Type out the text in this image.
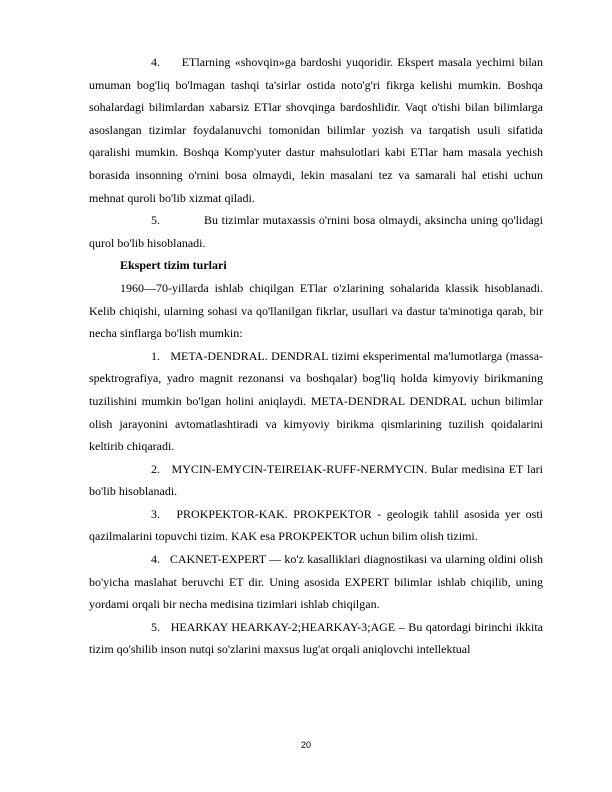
4. ETlarning «shovqin»ga bardoshi yuqoridir. Ekspert masala yechimi bilan umuman bog'liq bo'lmagan tashqi ta'sirlar ostida noto'g'ri fikrga kelishi mumkin. Boshqa sohalardagi bilimlardan xabarsiz ETlar shovqinga bardoshlidir. Vaqt o'tishi bilan bilimlarga asoslangan tizimlar foydalanuvchi tomonidan bilimlar yozish va tarqatish usuli sifatida qaralishi mumkin. Boshqa Komp'yuter dastur mahsulotlari kabi ETlar ham masala yechish borasida insonning o'rnini bosa olmaydi, lekin masalani tez va samarali hal etishi uchun mehnat quroli bo'lib xizmat qiladi.

5.	Bu tizimlar mutaxassis o'rnini bosa olmaydi, aksincha uning qo'lidagi qurol bo'lib hisoblanadi.

Ekspert tizim turlari

1960—70-yillarda ishlab chiqilgan ETlar o'zlarining sohalarida klassik hisoblanadi. Kelib chiqishi, ularning sohasi va qo'llanilgan fikrlar, usullari va dastur ta'minotiga qarab, bir necha sinflarga bo'lish mumkin:

1. META-DENDRAL. DENDRAL tizimi eksperimental ma'lumotlarga (massa- spektrografiya, yadro magnit rezonansi va boshqalar) bog'liq holda kimyoviy birikmaning tuzilishini mumkin bo'lgan holini aniqlaydi. META-DENDRAL DENDRAL uchun bilimlar olish jarayonini avtomatlashtiradi va kimyoviy birikma qismlarining tuzilish qoidalarini keltirib chiqaradi.

2. MYCIN-EMYCIN-TEIREIAK-RUFF-NERMYCIN. Bular medisina ET lari bo'lib hisoblanadi.

3. PROKPEKTOR-KAK. PROKPEKTOR - geologik tahlil asosida yer osti qazilmalarini topuvchi tizim. KAK esa PROKPEKTOR uchun bilim olish tizimi.

4. CAKNET-EXPERT — ko'z kasalliklari diagnostikasi va ularning oldini olish bo'yicha maslahat beruvchi ET dir. Uning asosida EXPERT bilimlar ishlab chiqilib, uning yordami orqali bir necha medisina tizimlari ishlab chiqilgan.

5. HEARKAY HEARKAY-2;HEARKAY-3;AGE – Bu qatordagi birinchi ikkita tizim qo'shilib inson nutqi so'zlarini maxsus lug'at orqali aniqlovchi intellektual

20
